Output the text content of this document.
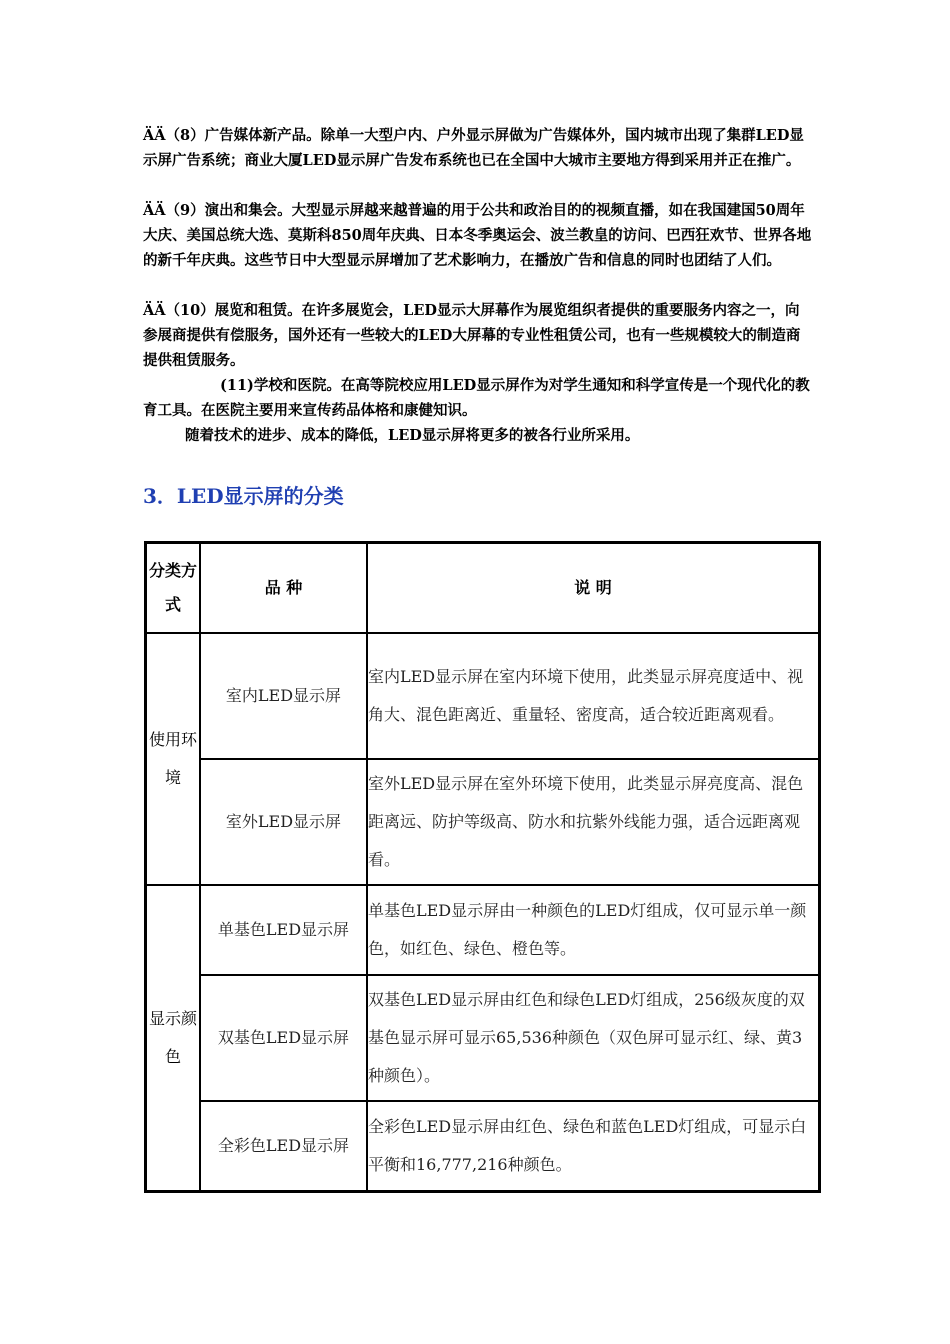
ÄÄ（8）广告媒体新产品。除单一大型户内、户外显示屏做为广告媒体外，国内城市出现了集群LED显示屏广告系统；商业大厦LED显示屏广告发布系统也已在全国中大城市主要地方得到采用并正在推广。

ÄÄ（9）演出和集会。大型显示屏越来越普遍的用于公共和政治目的的视频直播，如在我国建国50周年大庆、美国总统大选、莫斯科850周年庆典、日本冬季奥运会、波兰教皇的访问、巴西狂欢节、世界各地的新千年庆典。这些节日中大型显示屏增加了艺术影响力，在播放广告和信息的同时也团结了人们。

ÄÄ（10）展览和租赁。在许多展览会，LED显示大屏幕作为展览组织者提供的重要服务内容之一，向参展商提供有偿服务，国外还有一些较大的LED大屏幕的专业性租赁公司，也有一些规模较大的制造商提供租赁服务。

(11)学校和医院。在高等院校应用LED显示屏作为对学生通知和科学宣传是一个现代化的教育工具。在医院主要用来宣传药品体格和康健知识。

随着技术的进步、成本的降低，LED显示屏将更多的被各行业所采用。

3．LED显示屏的分类
分类方式	品 种	说 明
使用环境	室内LED显示屏	室内LED显示屏在室内环境下使用，此类显示屏亮度适中、视角大、混色距离近、重量轻、密度高，适合较近距离观看。
	室外LED显示屏	室外LED显示屏在室外环境下使用，此类显示屏亮度高、混色距离远、防护等级高、防水和抗紫外线能力强，适合远距离观看。
显示颜色	单基色LED显示屏	单基色LED显示屏由一种颜色的LED灯组成，仅可显示单一颜色，如红色、绿色、橙色等。
	双基色LED显示屏	双基色LED显示屏由红色和绿色LED灯组成，256级灰度的双基色显示屏可显示65,536种颜色（双色屏可显示红、绿、黄3种颜色）。
	全彩色LED显示屏	全彩色LED显示屏由红色、绿色和蓝色LED灯组成，可显示白平衡和16,777,216种颜色。
